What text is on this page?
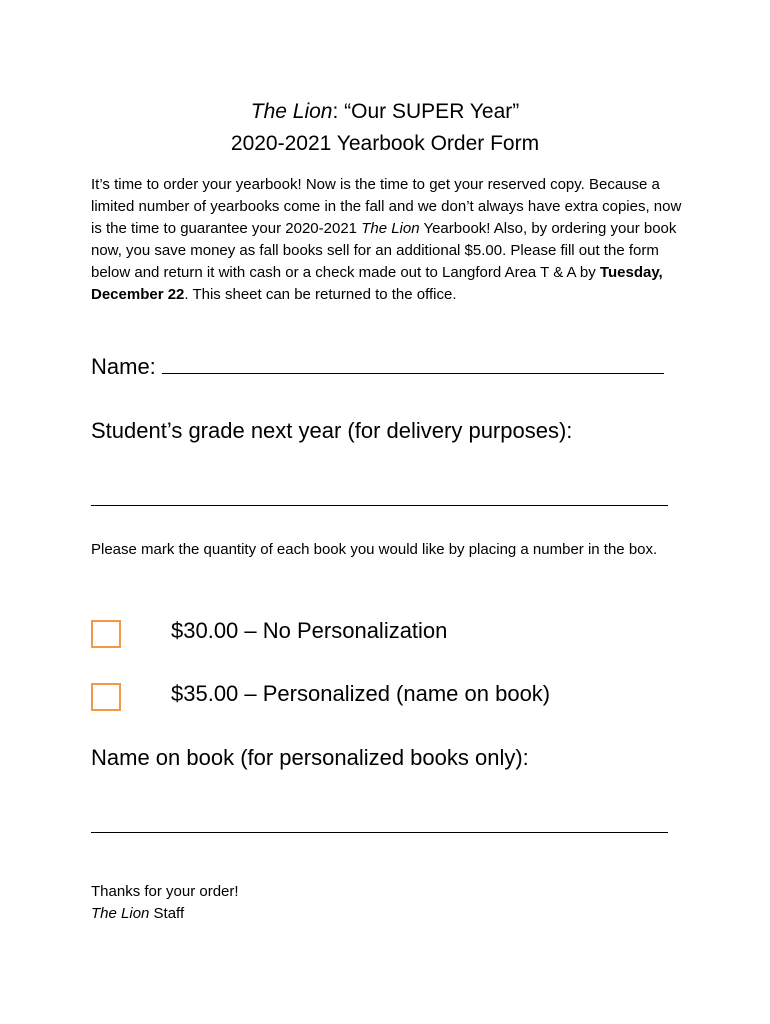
The Lion: “Our SUPER Year”
2020-2021 Yearbook Order Form
It’s time to order your yearbook! Now is the time to get your reserved copy. Because a limited number of yearbooks come in the fall and we don’t always have extra copies, now is the time to guarantee your 2020-2021 The Lion Yearbook! Also, by ordering your book now, you save money as fall books sell for an additional $5.00. Please fill out the form below and return it with cash or a check made out to Langford Area T & A by Tuesday, December 22. This sheet can be returned to the office.
Name:
Student’s grade next year (for delivery purposes):
Please mark the quantity of each book you would like by placing a number in the box.
$30.00 – No Personalization
$35.00 – Personalized (name on book)
Name on book (for personalized books only):
Thanks for your order!
The Lion Staff
